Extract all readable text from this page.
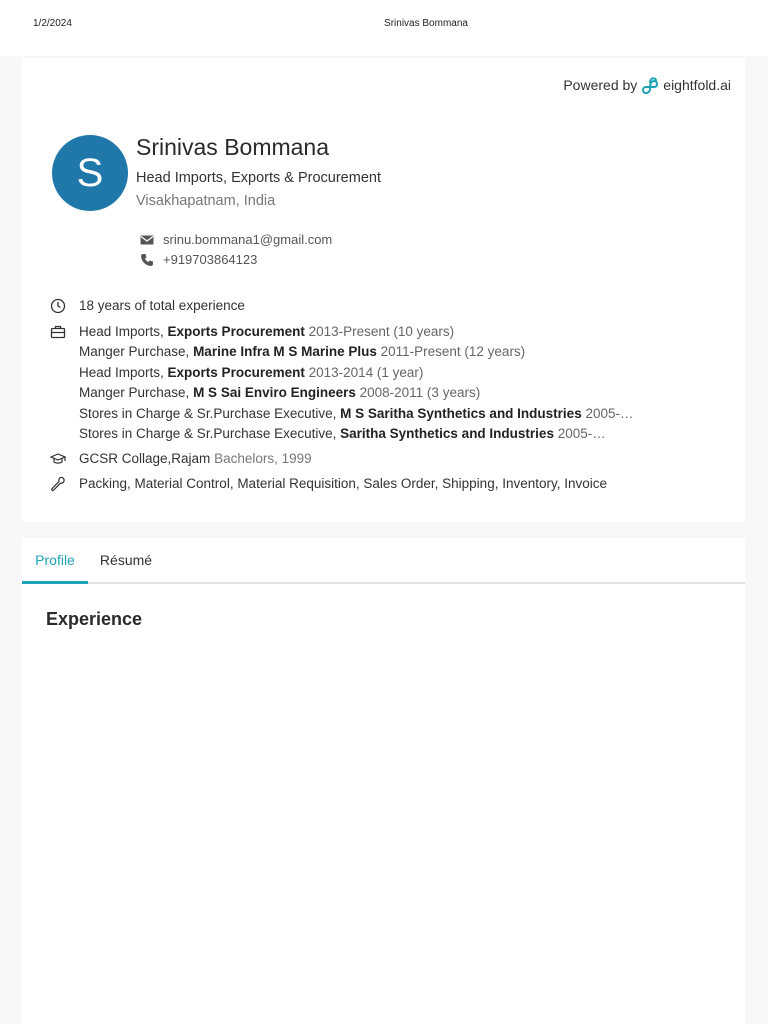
1/2/2024	Srinivas Bommana
Powered by eightfold.ai
S
Srinivas Bommana
Head Imports, Exports & Procurement
Visakhapatnam, India
srinu.bommana1@gmail.com
+919703864123
18 years of total experience
Head Imports, Exports Procurement 2013-Present (10 years)
Manger Purchase, Marine Infra M S Marine Plus 2011-Present (12 years)
Head Imports, Exports Procurement 2013-2014 (1 year)
Manger Purchase, M S Sai Enviro Engineers 2008-2011 (3 years)
Stores in Charge & Sr.Purchase Executive, M S Saritha Synthetics and Industries 2005-…
Stores in Charge & Sr.Purchase Executive, Saritha Synthetics and Industries 2005-…
GCSR Collage,Rajam Bachelors, 1999
Packing, Material Control, Material Requisition, Sales Order, Shipping, Inventory, Invoice
Profile	Résumé
Experience
